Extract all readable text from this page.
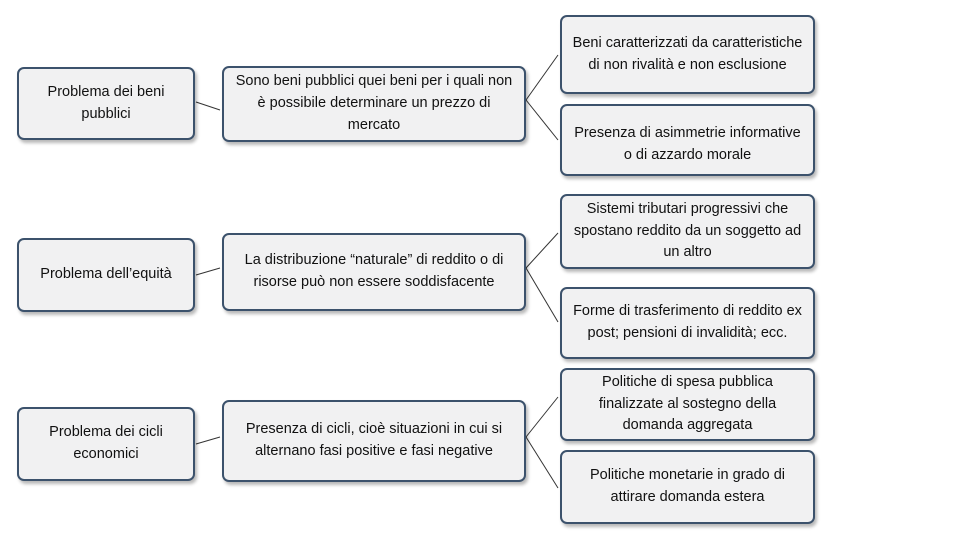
Problema dei beni pubblici
Problema dell’equità
Problema dei cicli economici
Sono beni pubblici quei beni per i quali non è possibile determinare un prezzo di mercato
La distribuzione “naturale” di reddito o di risorse può non essere soddisfacente
Presenza di cicli, cioè situazioni in cui si alternano fasi positive e fasi negative
Beni caratterizzati da caratteristiche di non rivalità e non esclusione
Presenza di asimmetrie informative o di azzardo morale
Sistemi tributari progressivi che spostano reddito da un soggetto ad un altro
Forme di trasferimento di reddito ex post; pensioni di invalidità; ecc.
Politiche di spesa pubblica finalizzate al sostegno della domanda aggregata
Politiche monetarie in grado di attirare domanda estera
